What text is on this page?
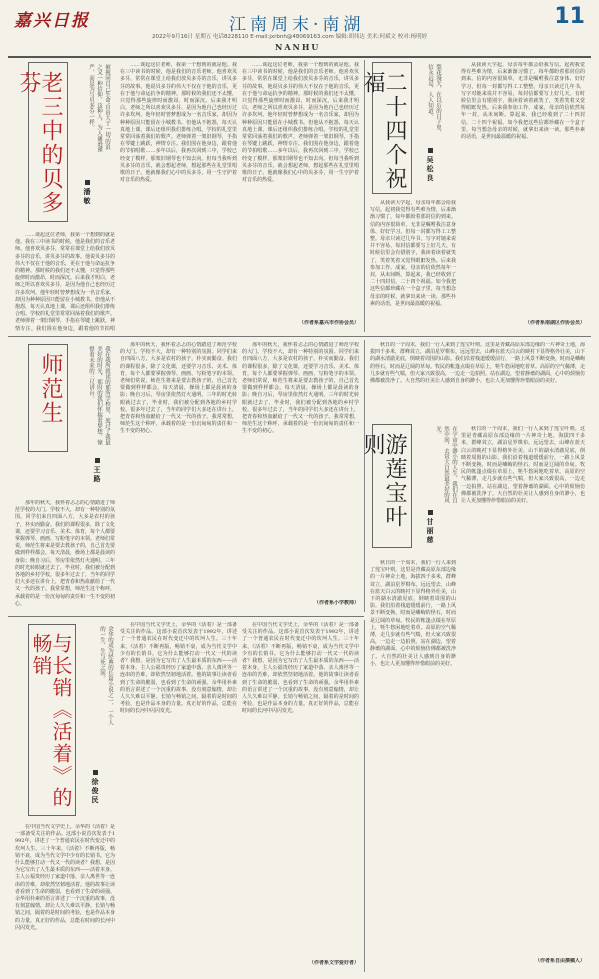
嘉兴日报	江南周末·南湖	11
2022年9月16日 星期五 电话8228110 E-mail:jxrbnh@48069163.com 编辑:胡伟达 美术:何斌文 校对:杨明婷
NANHU
老三中的贝多芬	被视同自己生命'自由大于一切'的浪之又一种信仰，这种人，为人谦逊谨严，而是为与贝多芬一样。
潘敏

……谈起这位老师，我第一个想到的就是他。我在三中读书的时候，他是我们的音乐老师。他喜欢贝多芬，常常在课堂上给我们放贝多芬的音乐，讲贝多芬的故事。他说贝多芬的伟大不仅在于他的音乐，更在于他与命运抗争的精神。那时候的我们还不太懂，只觉得那些旋律时而激昂，时而深沉。后来我才明白，老师之所以喜欢贝多芬，是因为他自己也经历过许多坎坷。他年轻时曾梦想成为一名音乐家，却因为种种原因只能留在小城教书。但他从不抱怨，每天认真地上课，课后还组织我们排练合唱。学校的礼堂里常常回荡着我们的歌声。老师弹着一架旧钢琴，手指在琴键上跳跃，神情专注。我们围在他身边，跟着他的节拍唱

……谈起这位老师，我第一个想到的就是他。我在三中读书的时候，他是我们的音乐老师。他喜欢贝多芬，常常在课堂上给我们放贝多芬的音乐，讲贝多芬的故事。他说贝多芬的伟大不仅在于他的音乐，更在于他与命运抗争的精神。那时候的我们还不太懂，只觉得那些旋律时而激昂，时而深沉。后来我才明白，老师之所以喜欢贝多芬，是因为他自己也经历过许多坎坷。他年轻时曾梦想成为一名音乐家，却因为种种原因只能留在小城教书。但他从不抱怨，每天认真地上课，课后还组织我们排练合唱。学校的礼堂里常常回荡着我们的歌声。老师弹着一架旧钢琴，手指在琴键上跳跃，神情专注。我们围在他身边，跟着他的节拍唱歌……多年以后，我再次回到三中，学校已经变了模样，那架旧钢琴也不知去向。但每当我听到贝多芬的音乐，就会想起老师，想起那些在礼堂里唱歌的日子。他就像我们心中的贝多芬，用一生守护着对音乐的热爱。

……谈起这位老师，我第一个想到的就是他。我在三中读书的时候，他是我们的音乐老师。他喜欢贝多芬，常常在课堂上给我们放贝多芬的音乐，讲贝多芬的故事。他说贝多芬的伟大不仅在于他的音乐，更在于他与命运抗争的精神。那时候的我们还不太懂，只觉得那些旋律时而激昂，时而深沉。后来我才明白，老师之所以喜欢贝多芬，是因为他自己也经历过许多坎坷。他年轻时曾梦想成为一名音乐家，却因为种种原因只能留在小城教书。但他从不抱怨，每天认真地上课，课后还组织我们排练合唱。学校的礼堂里常常回荡着我们的歌声。老师弹着一架旧钢琴，手指在琴键上跳跃，神情专注。我们围在他身边，跟着他的节拍唱歌……多年以后，我再次回到三中，学校已经变了模样，那架旧钢琴也不知去向。但每当我听到贝多芬的音乐，就会想起老师，想起那些在礼堂里唱歌的日子。他就像我们心中的贝多芬，用一生守护着对音乐的热爱。

（作者系嘉兴市作协会员）
二十四个祝福	梨花漫天，在以后的日子里，信永远是，人人知道。
吴松良

从我读大学起，母亲每年都会给我写信。起初我觉得有些难为情，后来渐渐习惯了，每年都盼着那封信的到来。信的内容很简单，无非是嘱咐我注意身体、好好学习，但每一封都写得工工整整。母亲只读过几年书，写字对她来说并不容易，每封信都要写上好几天。有时候信里会有错别字，我读着读着就笑了，笑着笑着又觉得眼眶发热。后来我参加工作、成家，母亲的信依然每年一封，从未间断。算起来，我已经收到了二十四封信，二十四个祝福。如今我把这些信都珍藏在一个盒子里，每当想念母亲的时候，就拿出来读一读。那些朴素的话语，是世间最温暖的祝福。

从我读大学起，母亲每年都会给我写信。起初我觉得有些难为情，后来渐渐习惯了，每年都盼着那封信的到来。信的内容很简单，无非是嘱咐我注意身体、好好学习，但每一封都写得工工整整。母亲只读过几年书，写字对她来说并不容易，每封信都要写上好几天。有时候信里会有错别字，我读着读着就笑了，笑着笑着又觉得眼眶发热。后来我参加工作、成家，母亲的信依然每年一封，从未间断。算起来，我已经收到了二十四封信，二十四个祝福。如今我把这些信都珍藏在一个盒子里，每当想念母亲的时候，就拿出来读一读。那些朴素的话语，是世间最温暖的祝福。

（作者系南湖区作协会员）
师范生	我在我所就读的那所学校里，度过了我最美好的时光，那时的我们怀揣着梦想，憧憬着未来的三尺讲台。
王路

那年的秋天，我怀着忐忑的心情踏进了师范学校的大门。学校不大，却有一种特别的氛围。同学们来自四面八方，大多是农村的孩子，朴实而勤奋。我们的课程很多，除了文化课，还要学习音乐、美术、体育，每个人都要掌握弹琴、画画、写粉笔字的本领。老师们常说，师范生将来是要去教孩子的，自己首先要做到样样都会。每天清晨，操场上都是晨读的身影；晚自习后，琴房里依然灯火通明。三年的时光转眼就过去了，毕业时，我们被分配到各地的乡村学校。很多年过去了，当年的同学们大多还在讲台上，把青春和热血献给了一代又一代的孩子。我常常想，师范生这个称呼，承载着的是一份沉甸甸的责任和一生不变的初心。

那年的秋天，我怀着忐忑的心情踏进了师范学校的大门。学校不大，却有一种特别的氛围。同学们来自四面八方，大多是农村的孩子，朴实而勤奋。我们的课程很多，除了文化课，还要学习音乐、美术、体育，每个人都要掌握弹琴、画画、写粉笔字的本领。老师们常说，师范生将来是要去教孩子的，自己首先要做到样样都会。每天清晨，操场上都是晨读的身影；晚自习后，琴房里依然灯火通明。三年的时光转眼就过去了，毕业时，我们被分配到各地的乡村学校。很多年过去了，当年的同学们大多还在讲台上，把青春和热血献给了一代又一代的孩子。我常常想，师范生这个称呼，承载着的是一份沉甸甸的责任和一生不变的初心。

那年的秋天，我怀着忐忑的心情踏进了师范学校的大门。学校不大，却有一种特别的氛围。同学们来自四面八方，大多是农村的孩子，朴实而勤奋。我们的课程很多，除了文化课，还要学习音乐、美术、体育，每个人都要掌握弹琴、画画、写粉笔字的本领。老师们常说，师范生将来是要去教孩子的，自己首先要做到样样都会。每天清晨，操场上都是晨读的身影；晚自习后，琴房里依然灯火通明。三年的时光转眼就过去了，毕业时，我们被分配到各地的乡村学校。很多年过去了，当年的同学们大多还在讲台上，把青春和热血献给了一代又一代的孩子。我常常想，师范生这个称呼，承载着的是一份沉甸甸的责任和一生不变的初心。

（作者系小学教师）
游莲宝叶则	在宇宙中渺小的人生，我们在自然中间，去赏大自然最美好的风光。
甘丽慈

秋日的一个周末，我们一行人来到了莲宝叶则。这里是青藏高原东部边缘的一片神奇土地，海拔四千多米，群峰耸立，湖泊星罗棋布。远远望去，山峰在蓝天白云的映衬下显得格外壮美，山下的湖水清澈见底，倒映着周围的山影。我们沿着栈道缓缓前行，一路上风景不断变换，时而是嶙峋的怪石，时而是辽阔的草甸。牧民的帐篷点缀在草原上，牦牛悠闲地吃着草。高原的空气稀薄，走几步就有些气喘，但大家兴致很高，一边走一边拍照。站在湖边，望着静谧的湖面，心中的烦恼仿佛都被洗净了。大自然的壮美让人感到自身的渺小，也让人更加懂得珍惜眼前的美好。

秋日的一个周末，我们一行人来到了莲宝叶则。这里是青藏高原东部边缘的一片神奇土地，海拔四千多米，群峰耸立，湖泊星罗棋布。远远望去，山峰在蓝天白云的映衬下显得格外壮美，山下的湖水清澈见底，倒映着周围的山影。我们沿着栈道缓缓前行，一路上风景不断变换，时而是嶙峋的怪石，时而是辽阔的草甸。牧民的帐篷点缀在草原上，牦牛悠闲地吃着草。高原的空气稀薄，走几步就有些气喘，但大家兴致很高，一边走一边拍照。站在湖边，望着静谧的湖面，心中的烦恼仿佛都被洗净了。大自然的壮美让人感到自身的渺小，也让人更加懂得珍惜眼前的美好。

秋日的一个周末，我们一行人来到了莲宝叶则。这里是青藏高原东部边缘的一片神奇土地，海拔四千多米，群峰耸立，湖泊星罗棋布。远远望去，山峰在蓝天白云的映衬下显得格外壮美，山下的湖水清澈见底，倒映着周围的山影。我们沿着栈道缓缓前行，一路上风景不断变换，时而是嶙峋的怪石，时而是辽阔的草甸。牧民的帐篷点缀在草原上，牦牛悠闲地吃着草。高原的空气稀薄，走几步就有些气喘，但大家兴致很高，一边走一边拍照。站在湖边，望着静谧的湖面，心中的烦恼仿佛都被洗净了。大自然的壮美让人感到自身的渺小，也让人更加懂得珍惜眼前的美好。

（作者系自由撰稿人）
与长销《活着》的畅销	余华的成为经典的长篇小说之一，一个人的一生，生与死之间。
徐俊民

在中国当代文学史上，余华的《活着》是一部备受关注的作品。这部小说首次发表于1992年，讲述了一个普通农民在时代变迁中的坎坷人生。三十年来，《活着》不断再版，畅销不衰，成为当代文学中少有的长销书。它为什么能够打动一代又一代的读者？我想，是因为它写出了人生最本质的东西——活着本身。主人公福贵经历了家道中落、亲人离世等一连串的苦难，却依然坚韧地活着。他的故事让读者看到了生命的脆弱，也看到了生命的顽强。余华用朴素的语言讲述了一个沉重的故事，没有刻意煽情，却让人久久难以平静。长销与畅销之间，隔着的是时间的考验，也是作品本身的力量。真正好的作品，总能在时间的长河中闪闪发光。

在中国当代文学史上，余华的《活着》是一部备受关注的作品。这部小说首次发表于1992年，讲述了一个普通农民在时代变迁中的坎坷人生。三十年来，《活着》不断再版，畅销不衰，成为当代文学中少有的长销书。它为什么能够打动一代又一代的读者？我想，是因为它写出了人生最本质的东西——活着本身。主人公福贵经历了家道中落、亲人离世等一连串的苦难，却依然坚韧地活着。他的故事让读者看到了生命的脆弱，也看到了生命的顽强。余华用朴素的语言讲述了一个沉重的故事，没有刻意煽情，却让人久久难以平静。长销与畅销之间，隔着的是时间的考验，也是作品本身的力量。真正好的作品，总能在时间的长河中闪闪发光。

在中国当代文学史上，余华的《活着》是一部备受关注的作品。这部小说首次发表于1992年，讲述了一个普通农民在时代变迁中的坎坷人生。三十年来，《活着》不断再版，畅销不衰，成为当代文学中少有的长销书。它为什么能够打动一代又一代的读者？我想，是因为它写出了人生最本质的东西——活着本身。主人公福贵经历了家道中落、亲人离世等一连串的苦难，却依然坚韧地活着。他的故事让读者看到了生命的脆弱，也看到了生命的顽强。余华用朴素的语言讲述了一个沉重的故事，没有刻意煽情，却让人久久难以平静。长销与畅销之间，隔着的是时间的考验，也是作品本身的力量。真正好的作品，总能在时间的长河中闪闪发光。

（作者系文学爱好者）
